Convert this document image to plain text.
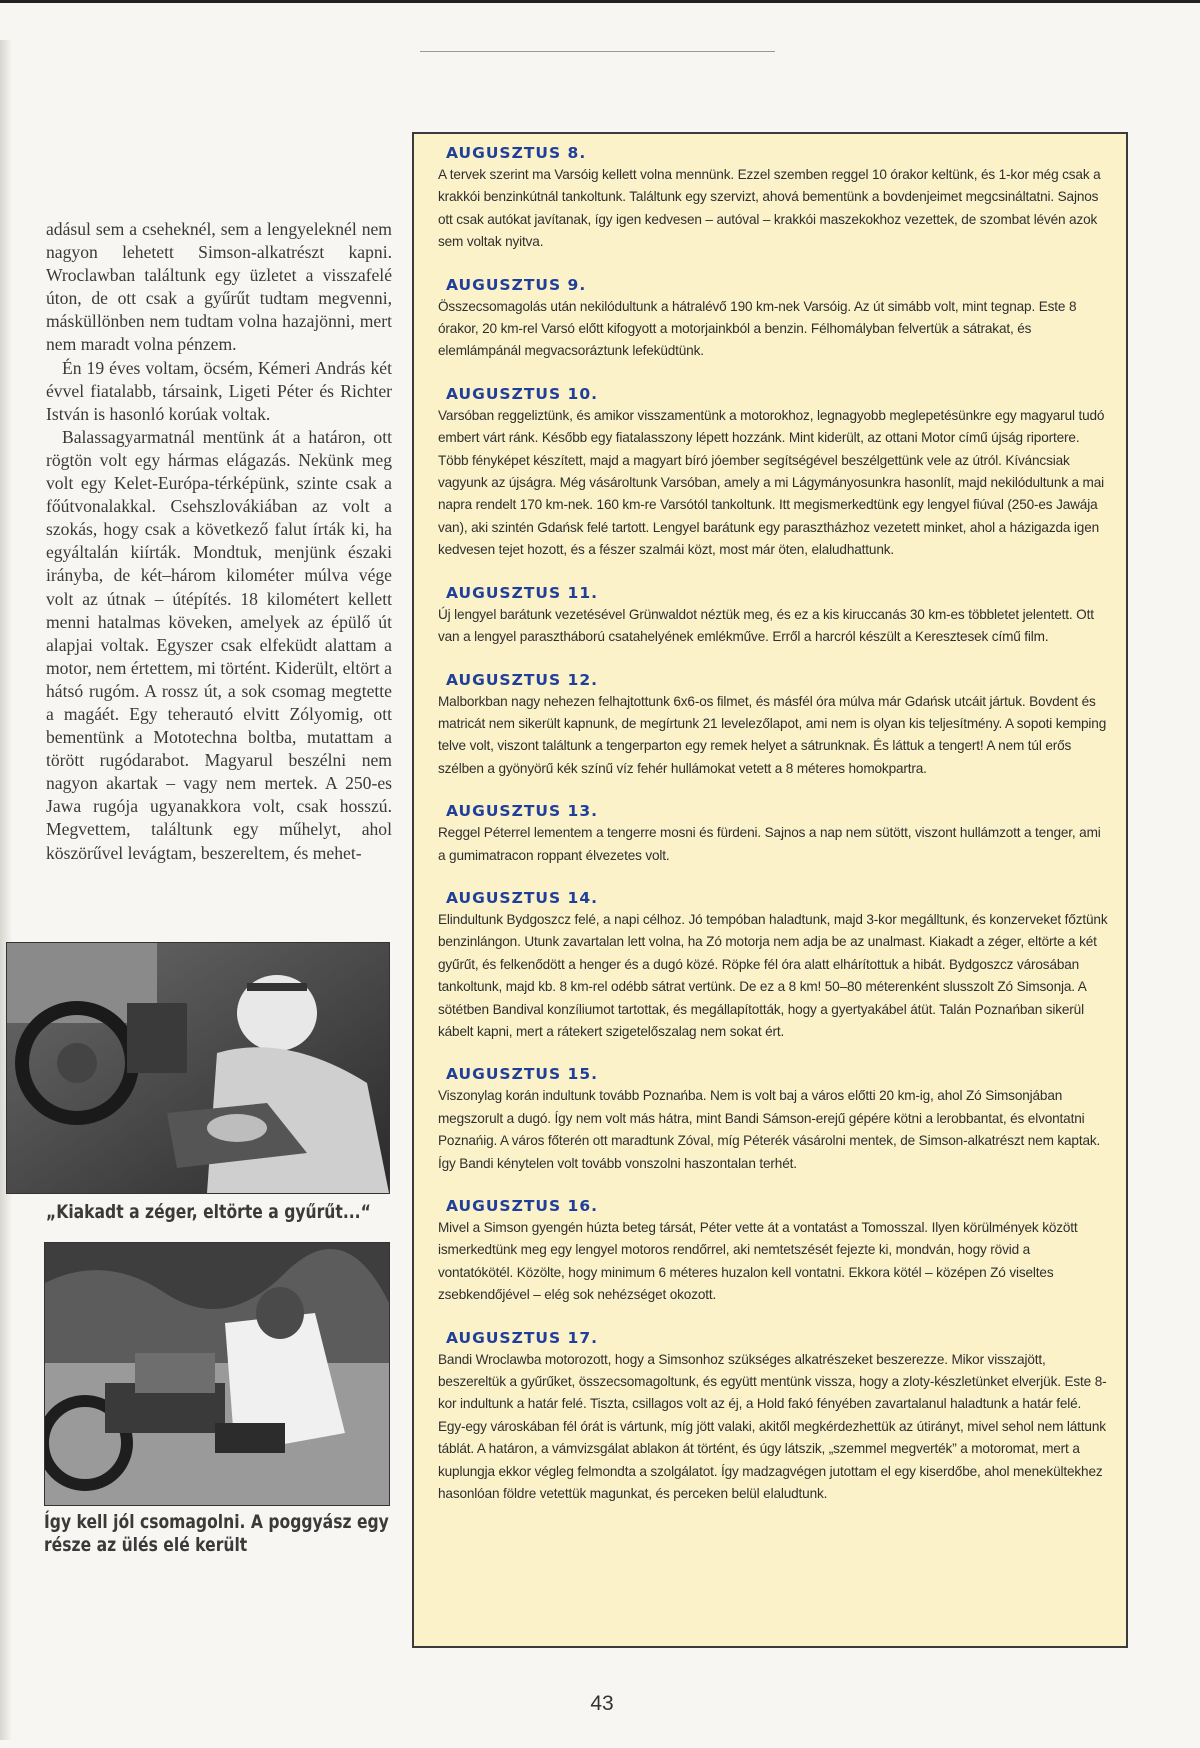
adásul sem a cseheknél, sem a lengyeleknél nem nagyon lehetett Simson-alkatrészt kapni. Wroclawban találtunk egy üzletet a visszafelé úton, de ott csak a gyűrűt tudtam megvenni, másküllönben nem tudtam volna hazajönni, mert nem maradt volna pénzem.

Én 19 éves voltam, öcsém, Kémeri András két évvel fiatalabb, társaink, Ligeti Péter és Richter István is hasonló korúak voltak.

Balassagyarmatnál mentünk át a határon, ott rögtön volt egy hármas elágazás. Nekünk meg volt egy Kelet-Európa-térképünk, szinte csak a főútvonalakkal. Csehszlovákiában az volt a szokás, hogy csak a következő falut írták ki, ha egyáltalán kiírták. Mondtuk, menjünk északi irányba, de két–három kilométer múlva vége volt az útnak – útépítés. 18 kilométert kellett menni hatalmas köveken, amelyek az épülő út alapjai voltak. Egyszer csak elfeküdt alattam a motor, nem értettem, mi történt. Kiderült, eltört a hátsó rugóm. A rossz út, a sok csomag megtette a magáét. Egy teherautó elvitt Zólyomig, ott bementünk a Mototechna boltba, mutattam a törött rugódarabot. Magyarul beszélni nem nagyon akartak – vagy nem mertek. A 250-es Jawa rugója ugyanakkora volt, csak hosszú. Megvettem, találtunk egy műhelyt, ahol köszörűvel levágtam, beszereltem, és mehet-

„Kiakadt a zéger, eltörte a gyűrűt...“
Így kell jól csomagolni. A poggyász egy része az ülés elé került
AUGUSZTUS 8.

A tervek szerint ma Varsóig kellett volna mennünk. Ezzel szemben reggel 10 órakor keltünk, és 1-kor még csak a krakkói benzinkútnál tankoltunk. Találtunk egy szervizt, ahová bementünk a bovdenjeimet megcsináltatni. Sajnos ott csak autókat javítanak, így igen kedvesen – autóval – krakkói maszekokhoz vezettek, de szombat lévén azok sem voltak nyitva.

AUGUSZTUS 9.

Összecsomagolás után nekilódultunk a hátralévő 190 km-nek Varsóig. Az út simább volt, mint tegnap. Este 8 órakor, 20 km-rel Varsó előtt kifogyott a motorjainkból a benzin. Félhomályban felvertük a sátrakat, és elemlámpánál megvacsoráztunk lefeküdtünk.

AUGUSZTUS 10.

Varsóban reggeliztünk, és amikor visszamentünk a motorokhoz, legnagyobb meglepetésünkre egy magyarul tudó embert várt ránk. Később egy fiatalasszony lépett hozzánk. Mint kiderült, az ottani Motor című újság riportere. Több fényképet készített, majd a magyart bíró jóember segítségével beszélgettünk vele az útról. Kíváncsiak vagyunk az újságra. Még vásároltunk Varsóban, amely a mi Lágymányosunkra hasonlít, majd nekilódultunk a mai napra rendelt 170 km-nek. 160 km-re Varsótól tankoltunk. Itt megismerkedtünk egy lengyel fiúval (250-es Jawája van), aki szintén Gdańsk felé tartott. Lengyel barátunk egy parasztházhoz vezetett minket, ahol a házigazda igen kedvesen tejet hozott, és a fészer szalmái közt, most már öten, elaludhattunk.

AUGUSZTUS 11.

Új lengyel barátunk vezetésével Grünwaldot néztük meg, és ez a kis kiruccanás 30 km-es többletet jelentett. Ott van a lengyel parasztháború csatahelyének emlékműve. Erről a harcról készült a Keresztesek című film.

AUGUSZTUS 12.

Malborkban nagy nehezen felhajtottunk 6x6-os filmet, és másfél óra múlva már Gdańsk utcáit jártuk. Bovdent és matricát nem sikerült kapnunk, de megírtunk 21 levelezőlapot, ami nem is olyan kis teljesítmény. A sopoti kemping telve volt, viszont találtunk a tengerparton egy remek helyet a sátrunknak. És láttuk a tengert! A nem túl erős szélben a gyönyörű kék színű víz fehér hullámokat vetett a 8 méteres homokpartra.

AUGUSZTUS 13.

Reggel Péterrel lementem a tengerre mosni és fürdeni. Sajnos a nap nem sütött, viszont hullámzott a tenger, ami a gumimatracon roppant élvezetes volt.

AUGUSZTUS 14.

Elindultunk Bydgoszcz felé, a napi célhoz. Jó tempóban haladtunk, majd 3-kor megálltunk, és konzerveket főztünk benzinlángon. Utunk zavartalan lett volna, ha Zó motorja nem adja be az unalmast. Kiakadt a zéger, eltörte a két gyűrűt, és felkenődött a henger és a dugó közé. Röpke fél óra alatt elhárítottuk a hibát. Bydgoszcz városában tankoltunk, majd kb. 8 km-rel odébb sátrat vertünk. De ez a 8 km! 50–80 méterenként slusszolt Zó Simsonja. A sötétben Bandival konzíliumot tartottak, és megállapították, hogy a gyertyakábel átüt. Talán Poznańban sikerül kábelt kapni, mert a rátekert szigetelőszalag nem sokat ért.

AUGUSZTUS 15.

Viszonylag korán indultunk tovább Poznańba. Nem is volt baj a város előtti 20 km-ig, ahol Zó Simsonjában megszorult a dugó. Így nem volt más hátra, mint Bandi Sámson-erejű gépére kötni a lerobbantat, és elvontatni Poznańig. A város főterén ott maradtunk Zóval, míg Péterék vásárolni mentek, de Simson-alkatrészt nem kaptak. Így Bandi kénytelen volt tovább vonszolni haszontalan terhét.

AUGUSZTUS 16.

Mivel a Simson gyengén húzta beteg társát, Péter vette át a vontatást a Tomosszal. Ilyen körülmények között ismerkedtünk meg egy lengyel motoros rendőrrel, aki nemtetszését fejezte ki, mondván, hogy rövid a vontatókötél. Közölte, hogy minimum 6 méteres huzalon kell vontatni. Ekkora kötél – középen Zó viseltes zsebkendőjével – elég sok nehézséget okozott.

AUGUSZTUS 17.

Bandi Wroclawba motorozott, hogy a Simsonhoz szükséges alkatrészeket beszerezze. Mikor visszajött, beszereltük a gyűrűket, összecsomagoltunk, és együtt mentünk vissza, hogy a zloty-készletünket elverjük. Este 8-kor indultunk a határ felé. Tiszta, csillagos volt az éj, a Hold fakó fényében zavartalanul haladtunk a határ felé. Egy-egy városkában fél órát is vártunk, míg jött valaki, akitől megkérdezhettük az útirányt, mivel sehol nem láttunk táblát. A határon, a vámvizsgálat ablakon át történt, és úgy látszik, „szemmel megverték” a motoromat, mert a kuplungja ekkor végleg felmondta a szolgálatot. Így madzagvégen jutottam el egy kiserdőbe, ahol menekültekhez hasonlóan földre vetettük magunkat, és perceken belül elaludtunk.

43
